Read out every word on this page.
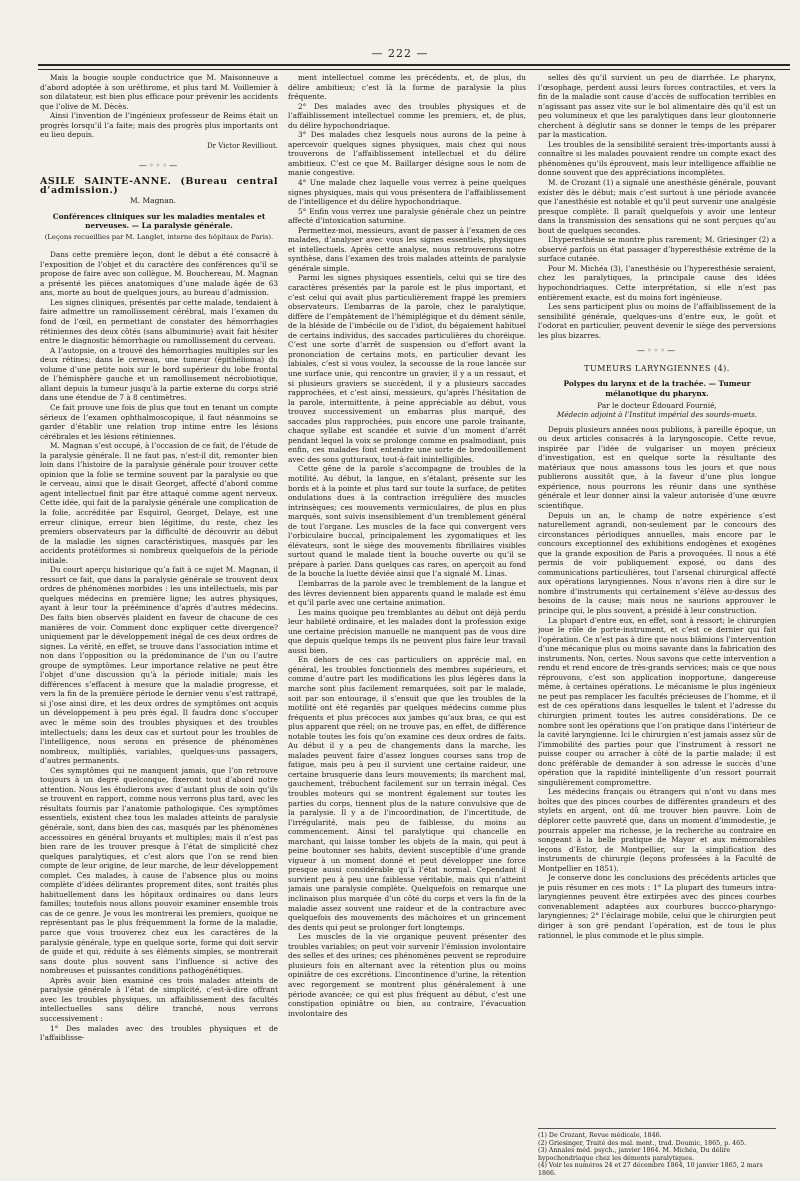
— 222 —

Mais la bougie souple conductrice que M. Maisonneuve a d’abord adoptée à son uréthrome, et plus tard M. Voillemier à son dilatateur, est bien plus efficace pour prévenir les accidents que l’olive de M. Dècès.

Ainsi l’invention de l’ingénieux professeur de Reims était un progrès lorsqu’il l’a faite; mais des progrès plus importants ont eu lieu depuis.

Dr Victor Revilliout.
—◦◦◦—
ASILE SAINTE-ANNE. (Bureau central d’admission.)
M. Magnan.
Conférences cliniques sur les maladies mentales et nerveuses. — La paralysie générale.
(Leçons recueillies par M. Langlet, interne des hôpitaux de Paris).

Dans cette première leçon, dont le début a été consacré à l’exposition de l’objet et du caractère des conférences qu’il se propose de faire avec son collègue, M. Bouchereau, M. Magnan a présenté les pièces anatomiques d’une malade âgée de 63 ans, morte au bout de quelques jours, au bureau d’admission.

Les signes cliniques, présentés par cette malade, tendaient à faire admettre un ramollissement cérébral, mais l’examen du fond de l’œil, en permettant de constater des hémorrhagies rétiniennes des deux côtés (sans albuminurie) avait fait hésiter entre le diagnostic hémorrhagie ou ramollissement du cerveau.

A l’autopsie, on a trouvé des hémorrhagies multiples sur les deux rétines; dans le cerveau, une tumeur (épithélioma) du volume d’une petite noix sur le bord supérieur du lobe frontal de l’hémisphère gauche et un ramollissement nécrobiotique, allant depuis la tumeur jusqu’à la partie externe du corps strié dans une étendue de 7 à 8 centimètres.

Ce fait prouve une fois de plus que tout en tenant un compte sérieux de l’examen ophthalmoscopique, il faut néanmoins se garder d’établir une relation trop intime entre les lésions cérébrales et les lésions rétiniennes.

M. Magnan s’est occupé, à l’occasion de ce fait, de l’étude de la paralysie générale. Il ne faut pas, n’est-il dit, remonter bien loin dans l’histoire de la paralysie générale pour trouver cette opinion que la folie se termine souvent par la paralysie ou que le cerveau, ainsi que le disait Georget, affecté d’abord comme agent intellectuel finit par être attaqué comme agent nerveux. Cette idée, qui fait de la paralysie générale une complication de la folie, accréditée par Esquirol, Georget, Delaye, est une erreur clinique, erreur bien légitime, du reste, chez les premiers observateurs par la difficulté de découvrir au début de la maladie les signes caractéristiques, masqués par les accidents protéiformes si nombreux quelquefois de la période initiale.

Du court aperçu historique qu’a fait à ce sujet M. Magnan, il ressort ce fait, que dans la paralysie générale se trouvent deux ordres de phénomènes morbides : les uns intellectuels, mis par quelques médecins en première ligne; les autres physiques, ayant à leur tour la prééminence d’après d’autres médecins. Des faits bien observés plaident en faveur de chacune de ces manières de voir. Comment donc expliquer cette divergence? uniquement par le développement inégal de ces deux ordres de signes. La vérité, en effet, se trouve dans l’association intime et non dans l’opposition ou la prédominance de l’un ou l’autre groupe de symptômes. Leur importance relative ne peut être l’objet d’une discussion qu’à la période initiale; mais les différences s’effacent à mesure que la maladie progresse, et vers la fin de la première période le dernier venu s’est rattrapé, si j’ose ainsi dire, et les deux ordres de symptômes ont acquis un développement à peu près égal. Il faudra donc s’occuper avec le même soin des troubles physiques et des troubles intellectuels; dans les deux cas et surtout pour les troubles de l’intelligence, nous serons en présence de phénomènes nombreux, multipliés, variables, quelques-uns passagers, d’autres permanents.

Ces symptômes qui ne manquent jamais, que l’on retrouve toujours à un degré quelconque, fixeront tout d’abord notre attention. Nous les étudierons avec d’autant plus de soin qu’ils se trouvent en rapport, comme nous verrons plus tard, avec les résultats fournis par l’anatomie pathologique. Ces symptômes essentiels, existent chez tous les malades atteints de paralysie générale, sont, dans bien des cas, masqués par les phénomènes accessoires en général bruyants et multiples; mais il n’est pas bien rare de les trouver presque à l’état de simplicité chez quelques paralytiques, et c’est alors que l’on se rend bien compte de leur origine, de leur marche, de leur développement complet. Ces malades, à cause de l’absence plus ou moins complète d’idées délirantes proprement dites, sont traités plus habituellement dans les hôpitaux ordinaires ou dans leurs familles; toutefois nous allons pouvoir examiner ensemble trois cas de ce genre. Je vous les montrerai les premiers, quoique ne représentant pas le plus fréquemment la forme de la maladie, parce que vous trouverez chez eux les caractères de la paralysie générale, type en quelque sorte, forme qui doit servir de guide et qui, réduite à ses éléments simples, se montrerait sans doute plus souvent sans l’influence si active des nombreuses et puissantes conditions pathogénétiques.

Après avoir bien examiné ces trois malades atteints de paralysie générale à l’état de simplicité, c’est-à-dire offrant avec les troubles physiques, un affaiblissement des facultés intellectuelles sans délire tranché, nous verrons successivement :

1° Des malades avec des troubles physiques et de l’affaiblisse-

ment intellectuel comme les précédents, et, de plus, du délire ambitieux; c’est là la forme de paralysie la plus fréquente.

2° Des malades avec des troubles physiques et de l’affaiblissement intellectuel comme les premiers, et, de plus, du délire hypochondriaque.

3° Des malades chez lesquels nous aurons de la peine à apercevoir quelques signes physiques, mais chez qui nous trouverons de l’affaiblissement intellectuel et du délire ambitieux. C’est ce que M. Baillarger désigne sous le nom de manie congestive.

4° Une malade chez laquelle vous verrez à peine quelques signes physiques, mais qui vous présentera de l’affaiblissement de l’intelligence et du délire hypochondriaque.

5° Enfin vous verrez une paralysie générale chez un peintre affecté d’intoxication saturnine.

Permettez-moi, messieurs, avant de passer à l’examen de ces malades, d’analyser avec vous les signes essentiels, physiques et intellectuels. Après cette analyse, nous retrouverons notre synthèse, dans l’examen des trois malades atteints de paralysie générale simple.

Parmi les signes physiques essentiels, celui qui se tire des caractères présentés par la parole est le plus important, et c’est celui qui avait plus particulièrement frappé les premiers observateurs. L’embarras de la parole, chez le paralytique, diffère de l’empâtement de l’hémiplégique et du dément sénile, de la bléside de l’imbécile ou de l’idiot, du bégaiement habituel de certains individus, des saccades particulières du choréique. C’est une sorte d’arrêt de suspension ou d’effort avant la prononciation de certains mots, en particulier devant les labiales, c’est si vous voulez, la secousse de la roue lancée sur une surface unie, qui rencontre un gravier, il y a un ressaut, et si plusieurs graviers se succèdent, il y a plusieurs saccades rapprochées, et c’est ainsi, messieurs, qu’après l’hésitation de la parole, intermittente, à peine appréciable au début, vous trouvez successivement un embarras plus marqué, des saccades plus rapprochées, puis encore une parole traînante, chaque syllabe est scandée et suivie d’un moment d’arrêt pendant lequel la voix se prolonge comme en psalmodiant, puis enfin, ces malades font entendre une sorte de bredouillement avec des sons gutturaux, tout-à-fait inintelligibles.

Cette gêne de la parole s’accompagne de troubles de la motilité. Au début, la langue, en s’étalant, présente sur les bords et à la pointe et plus tard sur toute la surface, de petites ondulations dues à la contraction irrégulière des muscles intrinsèques; ces mouvements vermiculaires, de plus en plus marqués, sont suivis insensiblement d’un tremblement général de tout l’organe. Les muscles de la face qui convergent vers l’orbiculaire buccal, principalement les zygomatiques et les élévateurs, sont le siège des mouvements fibrillaires visibles surtout quand le malade tient la bouche ouverte ou qu’il se prépare à parler. Dans quelques cas rares, on aperçoit au fond de la bouche la luette déviée ainsi que l’a signalé M. Linas.

L’embarras de la parole avec le tremblement de la langue et des lèvres deviennent bien apparents quand le malade est ému et qu’il parle avec une certaine animation.

Les mains quoique peu tremblantes au début ont déjà perdu leur habileté ordinaire, et les malades dont la profession exige une certaine précision manuelle ne manquent pas de vous dire que depuis quelque temps ils ne peuvent plus faire leur travail aussi bien.

En dehors de ces cas particuliers on apprécie mal, en général, les troubles fonctionnels des membres supérieurs, et comme d’autre part les modifications les plus légères dans la marche sont plus facilement remarquées, soit par le malade, soit par son entourage, il s’ensuit que que les troubles de la motilité ont été regardés par quelques médecins comme plus fréquents et plus précoces aux jambes qu’aux bras, ce qui est plus apparent que réel; on ne trouve pas, en effet, de différence notable toutes les fois qu’on examine ces deux ordres de faits. Au début il y a peu de changements dans la marche, les malades peuvent faire d’assez longues courses sans trop de fatigue, mais peu à peu il survient une certaine raideur, une certaine brusquerie dans leurs mouvements; ils marchent mal, gauchement, trébuchent facilement sur un terrain inégal. Ces troubles moteurs qui se montrent également sur toutes les parties du corps, tiennent plus de la nature convulsive que de la paralysie. Il y a de l’incoordination, de l’incertitude, de l’irrégularité, mais peu de faiblesse, du moins au commencement. Ainsi tel paralytique qui chancelle en marchant, qui laisse tomber les objets de la main, qui peut à peine boutonner ses habits, devient susceptible d’une grande vigueur à un moment donné et peut développer une force presque aussi considérable qu’à l’état normal. Cependant il survient peu à peu une faiblesse véritable, mais qui n’atteint jamais une paralysie complète. Quelquefois on remarque une inclinaison plus marquée d’un côté du corps et vers la fin de la maladie assez souvent une raideur et de la contracture avec quelquefois des mouvements des mâchoires et un grincement des dents qui peut se prolonger fort longtemps.

Les muscles de la vie organique peuvent présenter des troubles variables; on peut voir survenir l’émission involontaire des selles et des urines; ces phénomènes peuvent se reproduire plusieurs fois en alternant avec la rétention plus ou moins opiniâtre de ces excrétions. L’incontinence d’urine, la rétention avec regorgement se montrent plus généralement à une période avancée; ce qui est plus fréquent au début, c’est une constipation opiniâtre ou bien, au contraire, l’évacuation involontaire des

selles dès qu’il survient un peu de diarrhée. Le pharynx, l’œsophage, perdent aussi leurs forces contractiles, et vers la fin de la maladie sont cause d’accès de suffocation terribles en n’agissant pas assez vite sur le bol alimentaire dès qu’il est un peu volumineux et que les paralytiques dans leur gloutonnerie cherchent à déglutir sans se donner le temps de les préparer par la mastication.

Les troubles de la sensibilité seraient très-importants aussi à connaître si les malades pouvaient rendre un compte exact des phénomènes qu’ils éprouvent, mais leur intelligence affaiblie ne donne souvent que des appréciations incomplètes.

M. de Crozant (1) a signalé une anesthésie générale, pouvant exister dès le début; mais c’est surtout à une période avancée que l’anesthésie est notable et qu’il peut survenir une analgésie presque complète. Il paraît quelquefois y avoir une lenteur dans la transmission des sensations qui ne sont perçues qu’au bout de quelques secondes.

L’hyperesthésie se montre plus rarement; M. Griesinger (2) a observé parfois un état passager d’hyperesthésie extrême de la surface cutanée.

Pour M. Michéa (3), l’anesthésie ou l’hyperesthésie seraient, chez les paralytiques, la principale cause des idées hypochondriaques. Cette interprétation, si elle n’est pas entièrement exacte, est du moins fort ingénieuse.

Les sens participent plus ou moins de l’affaiblissement de la sensibilité générale, quelques-uns d’entre eux, le goût et l’odorat en particulier, peuvent devenir le siège des perversions les plus bizarres.

—◦◦◦—
TUMEURS LARYNGIENNES (4).
Polypes du larynx et de la trachée. — Tumeur mélanotique du pharynx.
Par le docteur Édouard Fournié,
Médecin adjoint à l’Institut impérial des sourds-muets.

Depuis plusieurs années nous publions, à pareille époque, un ou deux articles consacrés à la laryngoscopie. Cette revue, inspirée par l’idée de vulgariser un moyen précieux d’investigation, est en quelque sorte la résultante des matériaux que nous amassons tous les jours et que nous publierons aussitôt que, à la faveur d’une plus longue expérience, nous pourrons les réunir dans une synthèse générale et leur donner ainsi la valeur autorisée d’une œuvre scientifique.

Depuis un an, le champ de notre expérience s’est naturellement agrandi, non-seulement par le concours des circonstances périodiques annuelles, mais encore par le concours exceptionnel des exhibitions endogènes et exogènes que la grande exposition de Paris a provoquées. Il nous a été permis de voir publiquement exposé, ou dans des communications particulières, tout l’arsenal chirurgical affecté aux opérations laryngiennes. Nous n’avons rien à dire sur le nombre d’instruments qui certainement s’élève au-dessus des besoins de la cause; mais nous ne saurions approuver le principe qui, le plus souvent, a présidé à leur construction.

La plupart d’entre eux, en effet, sont à ressort; le chirurgien joue le rôle de porte-instrument, et c’est ce dernier qui fait l’opération. Ce n’est pas à dire que nous blâmions l’intervention d’une mécanique plus ou moins savante dans la fabrication des instruments. Non, certes. Nous savons que cette intervention a rendu et rend encore de très-grands services; mais ce que nous réprouvons, c’est son application inopportune, dangereuse même, à certaines opérations. Le mécanisme le plus ingénieux ne peut pas remplacer les facultés précieuses de l’homme, et il est de ces opérations dans lesquelles le talent et l’adresse du chirurgien priment toutes les autres considérations. De ce nombre sont les opérations que l’on pratique dans l’intérieur de la cavité laryngienne. Ici le chirurgien n’est jamais assez sûr de l’immobilité des parties pour que l’instrument à ressort ne puisse couper ou arracher à côté de la partie malade; il est donc préférable de demander à son adresse le succès d’une opération que la rapidité inintelligente d’un ressort pourrait singulièrement compromettre.

Les médecins français ou étrangers qui n’ont vu dans mes boîtes que des pinces courbes de différentes grandeurs et des stylets en argent, ont dû me trouver bien pauvre. Loin de déplorer cette pauvreté que, dans un moment d’immodestie, je pourrais appeler ma richesse, je la recherche au contraire en songeant à la belle pratique de Mayor et aux mémorables leçons d’Estor, de Montpellier, sur la simplification des instruments de chirurgie (leçons professées à la Faculté de Montpellier en 1851).

Je conserve donc les conclusions des précédents articles que je puis résumer en ces mots : 1° La plupart des tumeurs intra-laryngiennes peuvent être extirpées avec des pinces courbes convenablement adaptées aux courbures buccco-pharyngo-laryngiennes; 2° l’éclairage mobile, celui que le chirurgien peut diriger à son gré pendant l’opération, est de tous le plus rationnel, le plus commode et le plus simple.

(1) De Crozant, Revue médicale, 1846.
(2) Griesinger, Traité des mal. ment., trad. Doumic, 1865, p. 465.
(3) Annales méd. psych., janvier 1864. M. Michéa, Du délire hypochondriaque chez les déments paralytiques.
(4) Voir les numéros 24 et 27 décembre 1864, 10 janvier 1865, 2 mars 1866.
